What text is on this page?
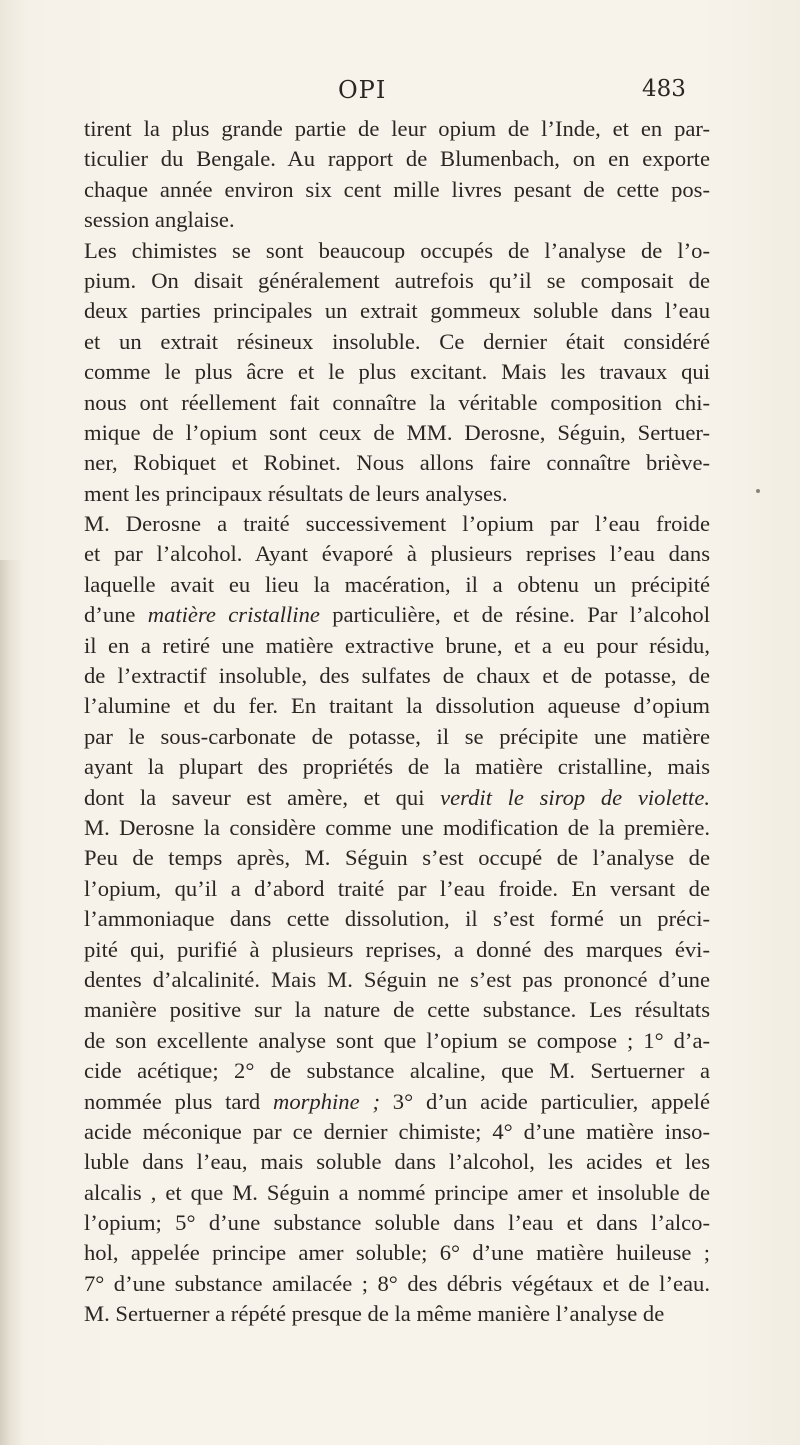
OPI	483
tirent la plus grande partie de leur opium de l’Inde, et en par-
ticulier du Bengale. Au rapport de Blumenbach, on en exporte
chaque année environ six cent mille livres pesant de cette pos-
session anglaise.
Les chimistes se sont beaucoup occupés de l’analyse de l’o-
pium. On disait généralement autrefois qu’il se composait de
deux parties principales un extrait gommeux soluble dans l’eau
et un extrait résineux insoluble. Ce dernier était considéré
comme le plus âcre et le plus excitant. Mais les travaux qui
nous ont réellement fait connaître la véritable composition chi-
mique de l’opium sont ceux de MM. Derosne, Séguin, Sertuer-
ner, Robiquet et Robinet. Nous allons faire connaître briève-
ment les principaux résultats de leurs analyses.
M. Derosne a traité successivement l’opium par l’eau froide
et par l’alcohol. Ayant évaporé à plusieurs reprises l’eau dans
laquelle avait eu lieu la macération, il a obtenu un précipité
d’une matière cristalline particulière, et de résine. Par l’alcohol
il en a retiré une matière extractive brune, et a eu pour résidu,
de l’extractif insoluble, des sulfates de chaux et de potasse, de
l’alumine et du fer. En traitant la dissolution aqueuse d’opium
par le sous-carbonate de potasse, il se précipite une matière
ayant la plupart des propriétés de la matière cristalline, mais
dont la saveur est amère, et qui verdit le sirop de violette.
M. Derosne la considère comme une modification de la première.
Peu de temps après, M. Séguin s’est occupé de l’analyse de
l’opium, qu’il a d’abord traité par l’eau froide. En versant de
l’ammoniaque dans cette dissolution, il s’est formé un préci-
pité qui, purifié à plusieurs reprises, a donné des marques évi-
dentes d’alcalinité. Mais M. Séguin ne s’est pas prononcé d’une
manière positive sur la nature de cette substance. Les résultats
de son excellente analyse sont que l’opium se compose ; 1° d’a-
cide acétique; 2° de substance alcaline, que M. Sertuerner a
nommée plus tard morphine ; 3° d’un acide particulier, appelé
acide méconique par ce dernier chimiste; 4° d’une matière inso-
luble dans l’eau, mais soluble dans l’alcohol, les acides et les
alcalis , et que M. Séguin a nommé principe amer et insoluble de
l’opium; 5° d’une substance soluble dans l’eau et dans l’alco-
hol, appelée principe amer soluble; 6° d’une matière huileuse ;
7° d’une substance amilacée ; 8° des débris végétaux et de l’eau.
M. Sertuerner a répété presque de la même manière l’analyse de
